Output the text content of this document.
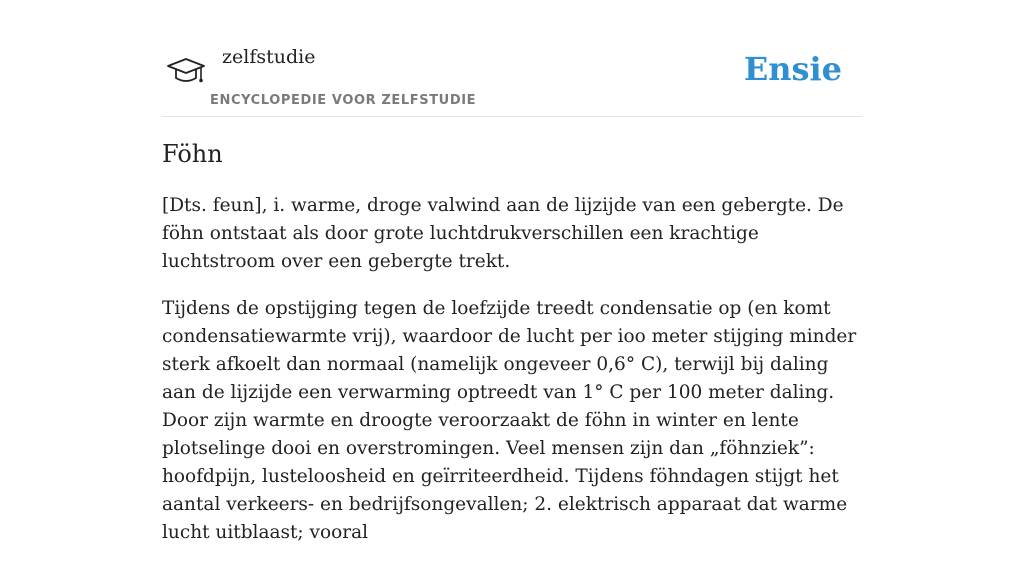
zelfstudie
ENCYCLOPEDIE VOOR ZELFSTUDIE
Ensie
Föhn

[Dts. feun], i. warme, droge valwind aan de lijzijde van een gebergte. De föhn ontstaat als door grote luchtdrukverschillen een krachtige luchtstroom over een gebergte trekt.

Tijdens de opstijging tegen de loefzijde treedt condensatie op (en komt condensatiewarmte vrij), waardoor de lucht per ioo meter stijging minder sterk afkoelt dan normaal (namelijk ongeveer 0,6° C), terwijl bij daling aan de lijzijde een verwarming optreedt van 1° C per 100 meter daling. Door zijn warmte en droogte veroorzaakt de föhn in winter en lente plotselinge dooi en overstromingen. Veel mensen zijn dan „föhnziek”: hoofdpijn, lusteloosheid en geïrriteerdheid. Tijdens föhndagen stijgt het aantal verkeers- en bedrijfsongevallen; 2. elektrisch apparaat dat warme lucht uitblaast; vooral
